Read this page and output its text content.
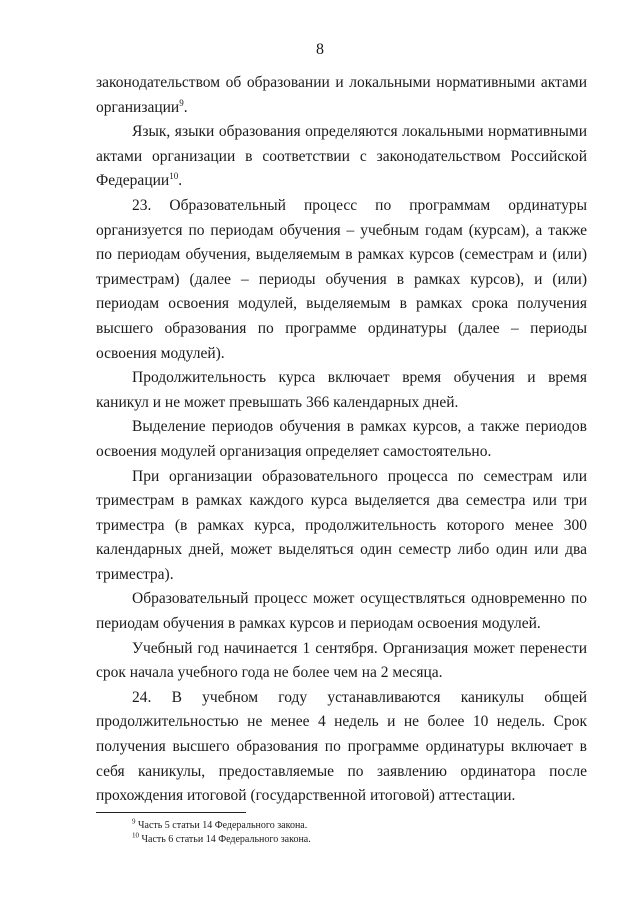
8

законодательством об образовании и локальными нормативными актами организации$^9$.

Язык, языки образования определяются локальными нормативными актами организации в соответствии с законодательством Российской Федерации$^{10}$.

23. Образовательный процесс по программам ординатуры организуется по периодам обучения – учебным годам (курсам), а также по периодам обучения, выделяемым в рамках курсов (семестрам и (или) триместрам) (далее – периоды обучения в рамках курсов), и (или) периодам освоения модулей, выделяемым в рамках срока получения высшего образования по программе ординатуры (далее – периоды освоения модулей).

Продолжительность курса включает время обучения и время каникул и не может превышать 366 календарных дней.

Выделение периодов обучения в рамках курсов, а также периодов освоения модулей организация определяет самостоятельно.

При организации образовательного процесса по семестрам или триместрам в рамках каждого курса выделяется два семестра или три триместра (в рамках курса, продолжительность которого менее 300 календарных дней, может выделяться один семестр либо один или два триместра).

Образовательный процесс может осуществляться одновременно по периодам обучения в рамках курсов и периодам освоения модулей.

Учебный год начинается 1 сентября. Организация может перенести срок начала учебного года не более чем на 2 месяца.

24. В учебном году устанавливаются каникулы общей продолжительностью не менее 4 недель и не более 10 недель. Срок получения высшего образования по программе ординатуры включает в себя каникулы, предоставляемые по заявлению ординатора после прохождения итоговой (государственной итоговой) аттестации.

$^9$ Часть 5 статьи 14 Федерального закона.
$^{10}$ Часть 6 статьи 14 Федерального закона.
